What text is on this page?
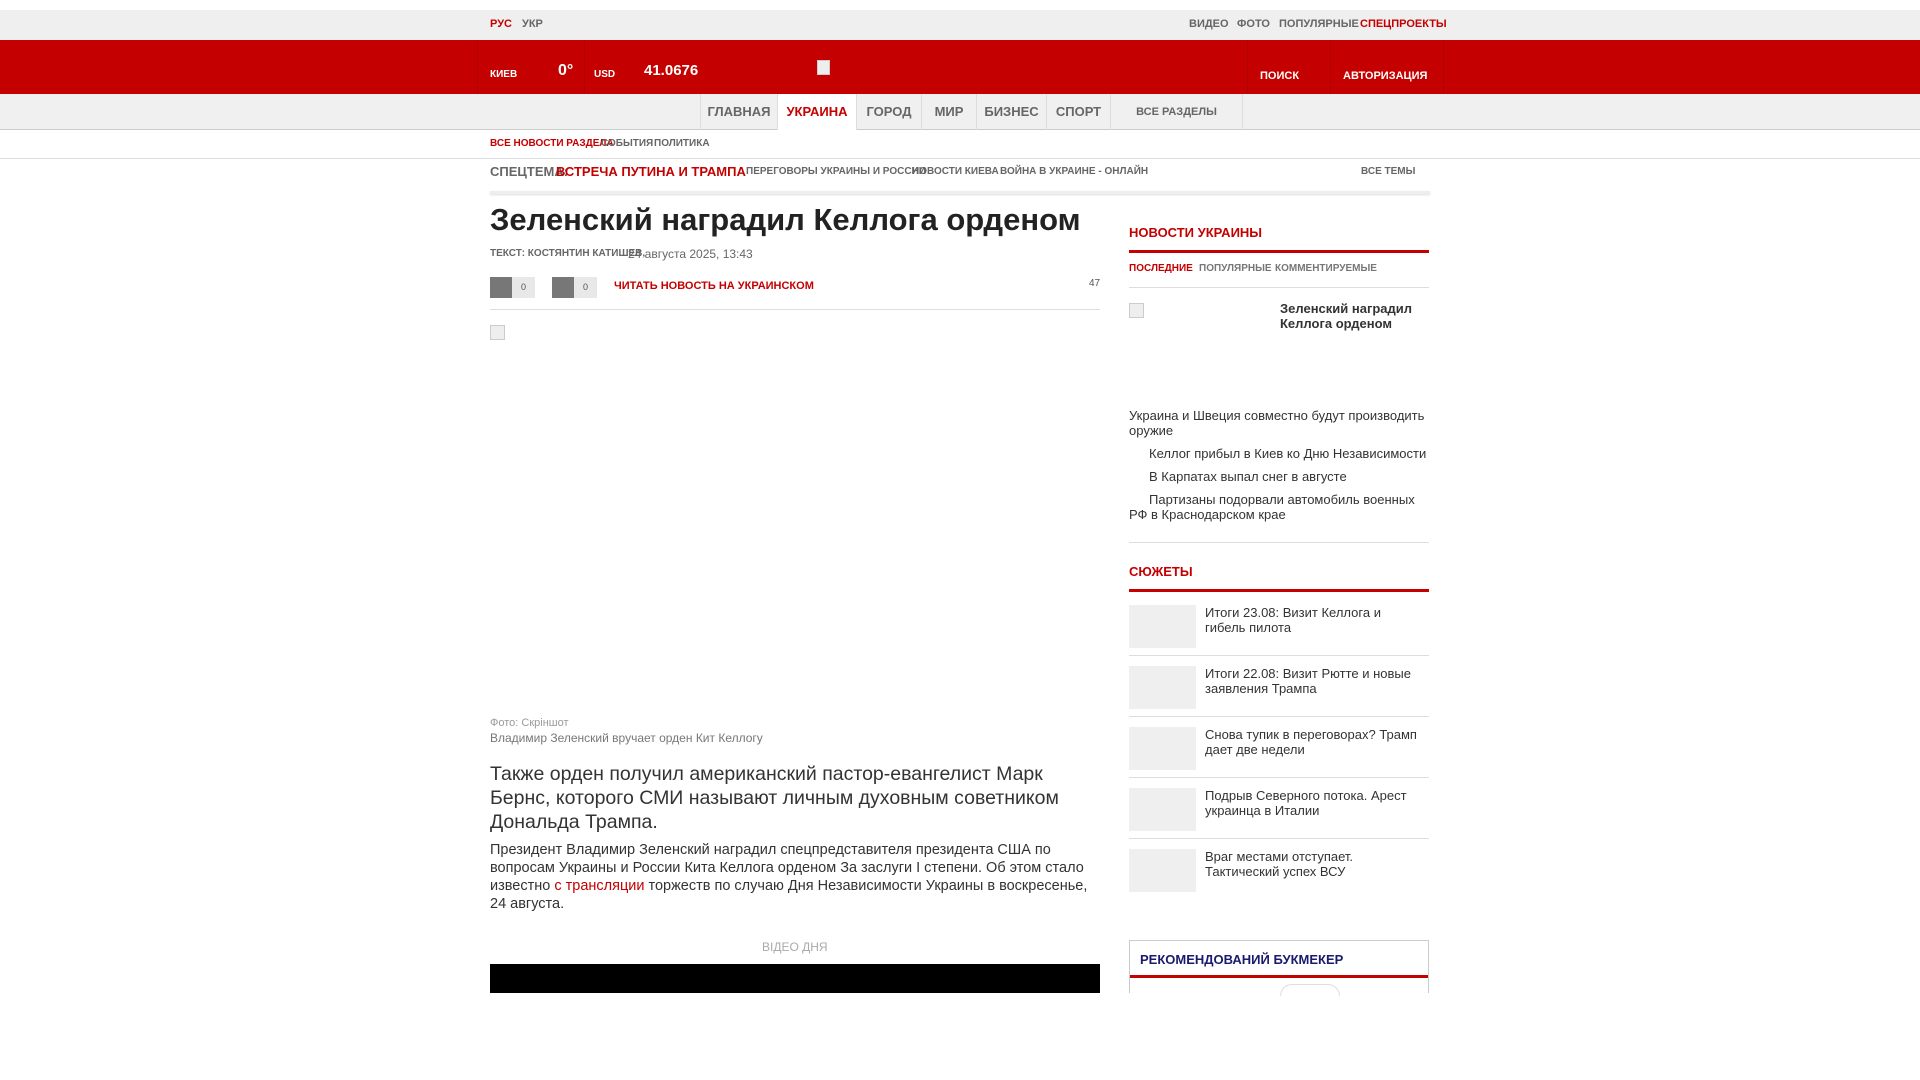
РУС УКР	ВИДЕО ФОТО ПОПУЛЯРНЫЕ СПЕЦПРОЕКТЫ
КИЕВ	0° USD 41.0676	ПОИСК	АВТОРИЗАЦИЯ
ГЛАВНАЯ	УКРАИНА	ГОРОД	МИР	БИЗНЕС	СПОРТ	ВСЕ РАЗДЕЛЫ
ВСЕ НОВОСТИ РАЗДЕЛА
СОБЫТИЯ ПОЛИТИКА
СПЕЦТЕМА:
ВСТРЕЧА ПУТИНА И ТРАМПА ПЕРЕГОВОРЫ УКРАИНЫ И РОССИИ
НОВОСТИ КИЕВА ВОЙНА В УКРАИНЕ - ОНЛАЙН	ВСЕ ТЕМЫ
Зеленский наградил Келлога орденом
ТЕКСТ: КОСТЯНТИН КАТИШЕВ,
24 августа 2025, 13:43
0	0	ЧИТАТЬ НОВОСТЬ НА УКРАИНСКОМ	47
Фото: Скріншот
Владимир Зеленский вручает орден Кит Келлогу

Также орден получил американский пастор-евангелист Марк Бернс, которого СМИ называют личным духовным советником Дональда Трампа.

Президент Владимир Зеленский наградил спецпредставителя президента США по вопросам Украины и России Кита Келлога орденом За заслуги I степени. Об этом стало известно с трансляции торжеств по случаю Дня Независимости Украины в воскресенье, 24 августа.

ВІДЕО ДНЯ
НОВОСТИ УКРАИНЫ
ПОСЛЕДНИЕ ПОПУЛЯРНЫЕ КОММЕНТИРУЕМЫЕ
Зеленский наградил Келлога орденом
Украина и Швеция совместно будут производить оружие
Келлог прибыл в Киев ко Дню Независимости
В Карпатах выпал снег в августе
Партизаны подорвали автомобиль военных РФ в Краснодарском крае
СЮЖЕТЫ
Итоги 23.08: Визит Келлога и гибель пилота
Итоги 22.08: Визит Рютте и новые заявления Трампа
Снова тупик в переговорах? Трамп дает две недели
Подрыв Северного потока. Арест украинца в Италии
Враг местами отступает. Тактический успех ВСУ
РЕКОМЕНДОВАНИЙ БУКМЕКЕР
